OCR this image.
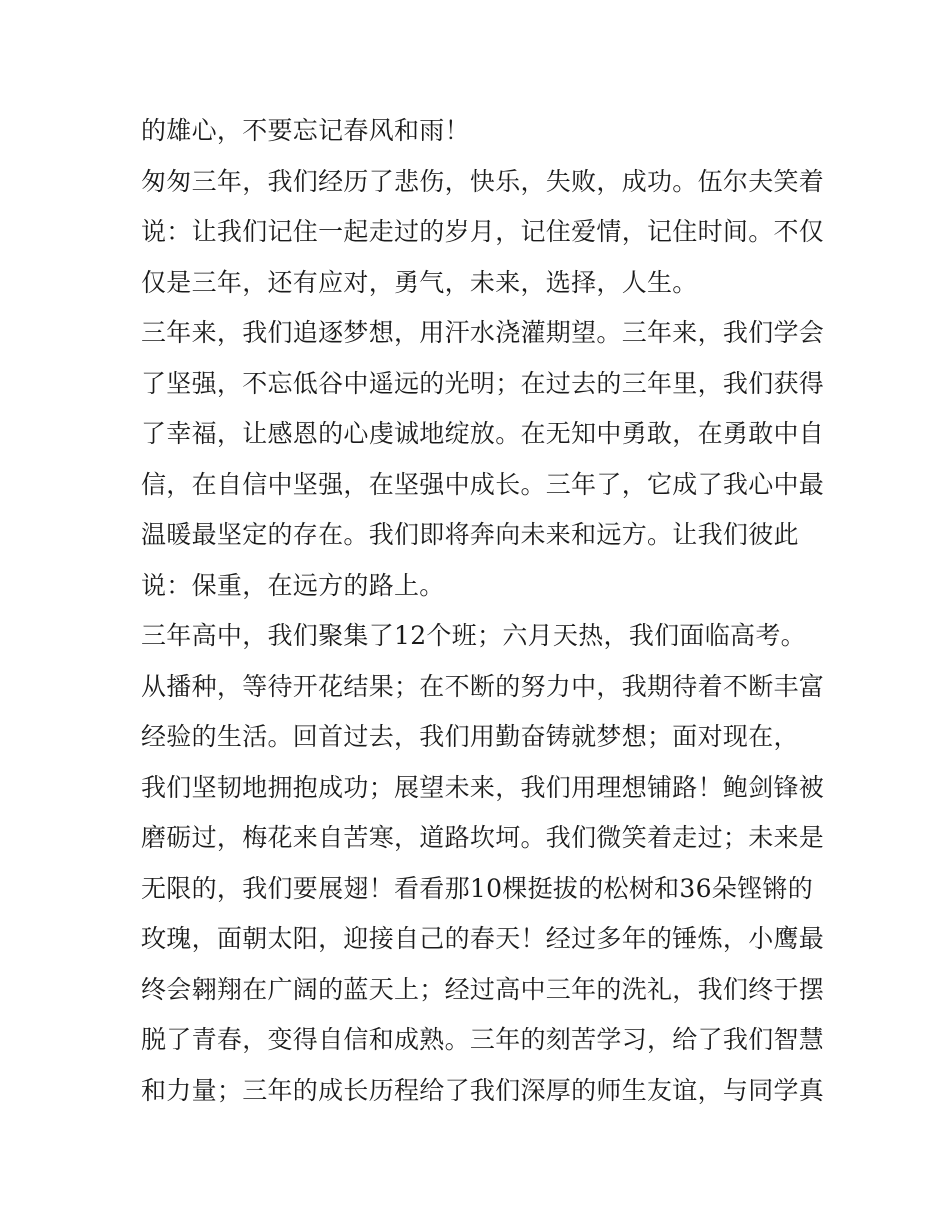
的雄心，不要忘记春风和雨！
匆匆三年，我们经历了悲伤，快乐，失败，成功。伍尔夫笑着
说：让我们记住一起走过的岁月，记住爱情，记住时间。不仅
仅是三年，还有应对，勇气，未来，选择，人生。
三年来，我们追逐梦想，用汗水浇灌期望。三年来，我们学会
了坚强，不忘低谷中遥远的光明；在过去的三年里，我们获得
了幸福，让感恩的心虔诚地绽放。在无知中勇敢，在勇敢中自
信，在自信中坚强，在坚强中成长。三年了，它成了我心中最
温暖最坚定的存在。我们即将奔向未来和远方。让我们彼此
说：保重，在远方的路上。
三年高中，我们聚集了12个班；六月天热，我们面临高考。
从播种，等待开花结果；在不断的努力中，我期待着不断丰富
经验的生活。回首过去，我们用勤奋铸就梦想；面对现在，
我们坚韧地拥抱成功；展望未来，我们用理想铺路！鲍剑锋被
磨砺过，梅花来自苦寒，道路坎坷。我们微笑着走过；未来是
无限的，我们要展翅！看看那10棵挺拔的松树和36朵铿锵的
玫瑰，面朝太阳，迎接自己的春天！经过多年的锤炼，小鹰最
终会翱翔在广阔的蓝天上；经过高中三年的洗礼，我们终于摆
脱了青春，变得自信和成熟。三年的刻苦学习，给了我们智慧
和力量；三年的成长历程给了我们深厚的师生友谊，与同学真
